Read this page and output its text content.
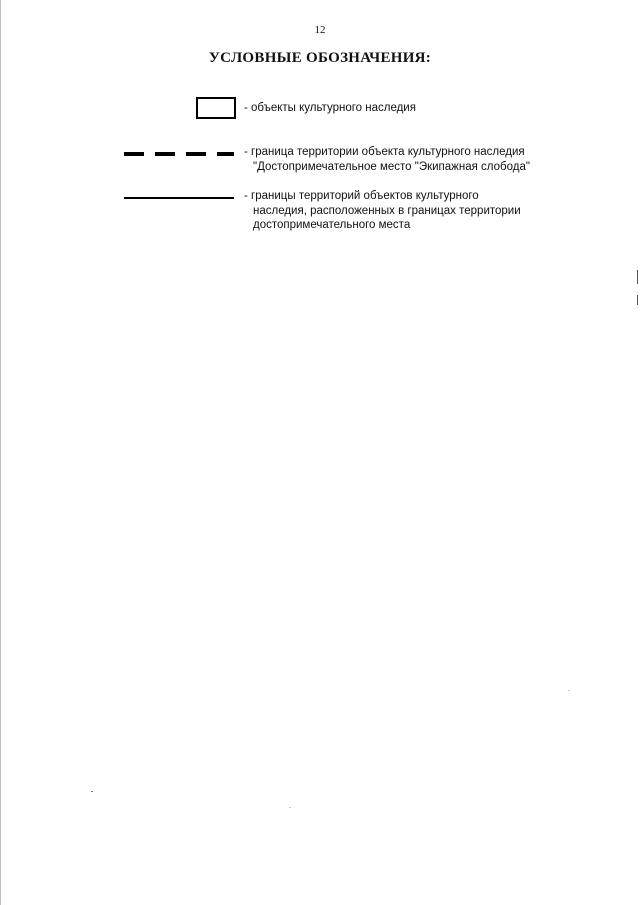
12
УСЛОВНЫЕ ОБОЗНАЧЕНИЯ:
- объекты культурного наследия
- граница территории объекта культурного наследия
"Достопримечательное место "Экипажная слобода"
- границы территорий объектов культурного
наследия, расположенных в границах территории
достопримечательного места
